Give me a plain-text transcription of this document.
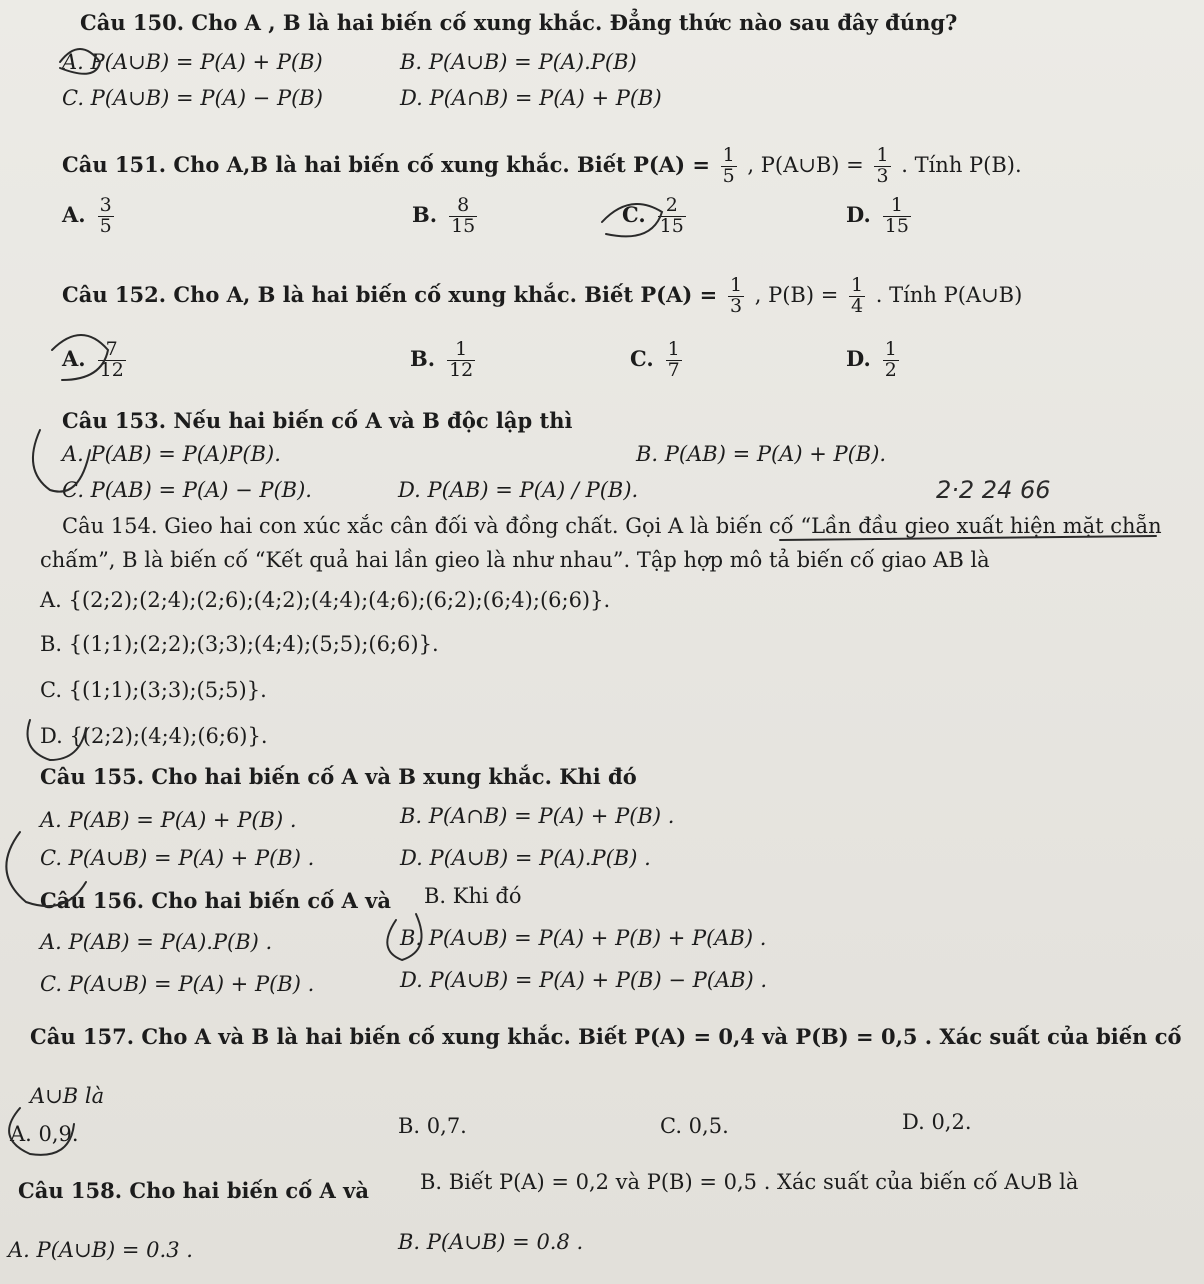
Câu 150. Cho A , B là hai biến cố xung khắc. Đẳng thức nào sau đây đúng?
A. P(A∪B) = P(A) + P(B)	B. P(A∪B) = P(A).P(B)
C. P(A∪B) = P(A) − P(B)	D. P(A∩B) = P(A) + P(B)
Câu 151. Cho A,B là hai biến cố xung khắc. Biết $P(A) = \frac{1}{5}$ , P(A∪B) = $\frac{1}{3}$ . Tính P(B).
A. $\frac{3}{5}$	B. $\frac{8}{15}$	C. $\frac{2}{15}$	D. $\frac{1}{15}$
Câu 152. Cho A, B là hai biến cố xung khắc. Biết $P(A) = \frac{1}{3}$ , $P(B) = \frac{1}{4}$ . Tính P(A∪B)
A. $\frac{7}{12}$	B. $\frac{1}{12}$	C. $\frac{1}{7}$	D. $\frac{1}{2}$
Câu 153. Nếu hai biến cố A và B độc lập thì
A. P(AB) = P(A)P(B).	B. P(AB) = P(A) + P(B).
C. P(AB) = P(A) − P(B).	D. P(AB) = P(A) / P(B).	2·2 24 66
Câu 154. Gieo hai con xúc xắc cân đối và đồng chất. Gọi A là biến cố “Lần đầu gieo xuất hiện mặt chẵn
chấm”, B là biến cố “Kết quả hai lần gieo là như nhau”. Tập hợp mô tả biến cố giao AB là
A. {(2;2);(2;4);(2;6);(4;2);(4;4);(4;6);(6;2);(6;4);(6;6)}.
B. {(1;1);(2;2);(3;3);(4;4);(5;5);(6;6)}.
C. {(1;1);(3;3);(5;5)}.
D. {(2;2);(4;4);(6;6)}.
Câu 155. Cho hai biến cố A và B xung khắc. Khi đó
A. P(AB) = P(A) + P(B) .	B. P(A∩B) = P(A) + P(B) .
C. P(A∪B) = P(A) + P(B) .	D. P(A∪B) = P(A).P(B) .
Câu 156. Cho hai biến cố A và B. Khi đó
A. P(AB) = P(A).P(B) .	B. P(A∪B) = P(A) + P(B) + P(AB) .
C. P(A∪B) = P(A) + P(B) .	D. P(A∪B) = P(A) + P(B) − P(AB) .
Câu 157. Cho A và B là hai biến cố xung khắc. Biết P(A) = 0,4 và P(B) = 0,5 . Xác suất của biến cố
A∪B là
A. 0,9.	B. 0,7.	C. 0,5.	D. 0,2.
Câu 158. Cho hai biến cố A và B. Biết P(A) = 0,2 và P(B) = 0,5 . Xác suất của biến cố A∪B là
A. P(A∪B) = 0.3 .	B. P(A∪B) = 0.8 .
